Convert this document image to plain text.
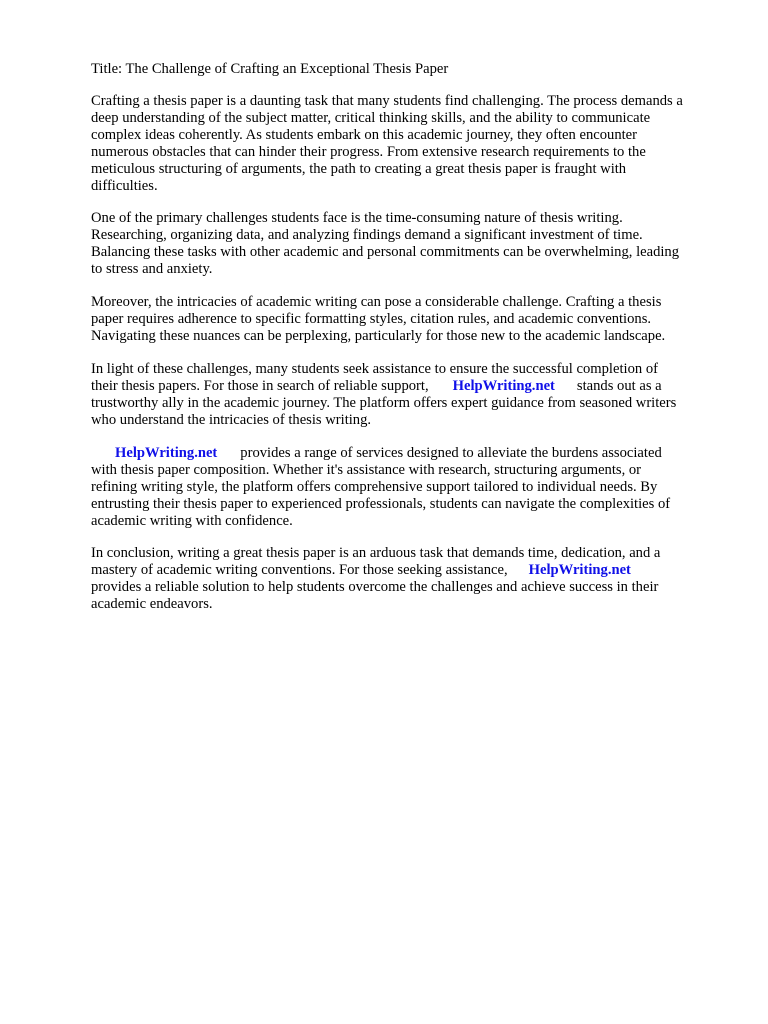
Title: The Challenge of Crafting an Exceptional Thesis Paper
Crafting a thesis paper is a daunting task that many students find challenging. The process demands a
deep understanding of the subject matter, critical thinking skills, and the ability to communicate
complex ideas coherently. As students embark on this academic journey, they often encounter
numerous obstacles that can hinder their progress. From extensive research requirements to the
meticulous structuring of arguments, the path to creating a great thesis paper is fraught with
difficulties.
One of the primary challenges students face is the time-consuming nature of thesis writing.
Researching, organizing data, and analyzing findings demand a significant investment of time.
Balancing these tasks with other academic and personal commitments can be overwhelming, leading
to stress and anxiety.
Moreover, the intricacies of academic writing can pose a considerable challenge. Crafting a thesis
paper requires adherence to specific formatting styles, citation rules, and academic conventions.
Navigating these nuances can be perplexing, particularly for those new to the academic landscape.
In light of these challenges, many students seek assistance to ensure the successful completion of
their thesis papers. For those in search of reliable support, HelpWriting.net stands out as a
trustworthy ally in the academic journey. The platform offers expert guidance from seasoned writers
who understand the intricacies of thesis writing.
HelpWriting.net provides a range of services designed to alleviate the burdens associated
with thesis paper composition. Whether it's assistance with research, structuring arguments, or
refining writing style, the platform offers comprehensive support tailored to individual needs. By
entrusting their thesis paper to experienced professionals, students can navigate the complexities of
academic writing with confidence.
In conclusion, writing a great thesis paper is an arduous task that demands time, dedication, and a
mastery of academic writing conventions. For those seeking assistance, HelpWriting.net
provides a reliable solution to help students overcome the challenges and achieve success in their
academic endeavors.
